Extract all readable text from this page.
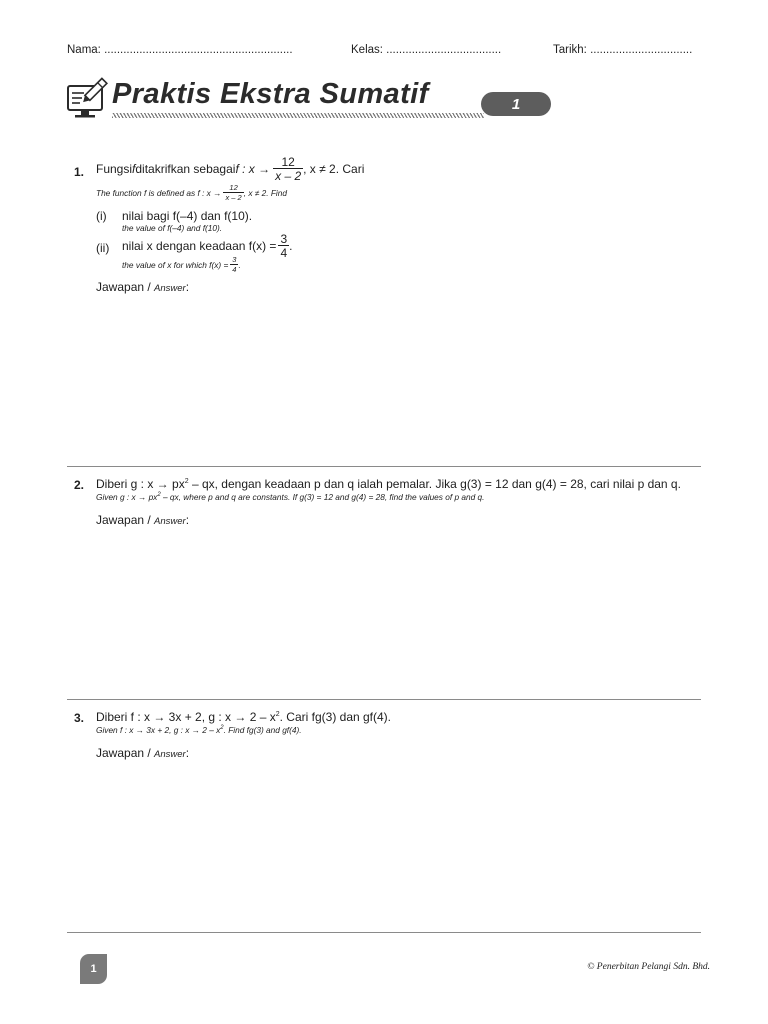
Nama: ...........................................................	Kelas: ....................................	Tarikh: ................................
Praktis Ekstra Sumatif	1
1. Fungsi f ditakrifkan sebagai f : $x \to \frac{12}{x - 2}$ , x ≠ 2. Cari
The function f is defined as f : $x \to \frac{12}{x - 2}$ , x ≠ 2. Find
(i) nilai bagi f(–4) dan f(10).
the value of f(–4) and f(10).
(ii) nilai x dengan keadaan $f(x) = \frac{3}{4}$ .
the value of x for which $f(x) = \frac{3}{4}$ .
Jawapan / Answer:
2. Diberi g : $x \to px^2$ – qx, dengan keadaan p dan q ialah pemalar. Jika g(3) = 12 dan g(4) = 28, cari nilai p dan q.
Given g : $x \to px^2$ – qx, where p and q are constants. If g(3) = 12 and g(4) = 28, find the values of p and q.
Jawapan / Answer:
3. Diberi f : x → 3x + 2, g : $x \to 2 - x^2$. Cari fg(3) dan gf(4).
Given f : x → 3x + 2, g : $x \to 2 - x^2$. Find fg(3) and gf(4).
Jawapan / Answer:
1	© Penerbitan Pelangi Sdn. Bhd.
